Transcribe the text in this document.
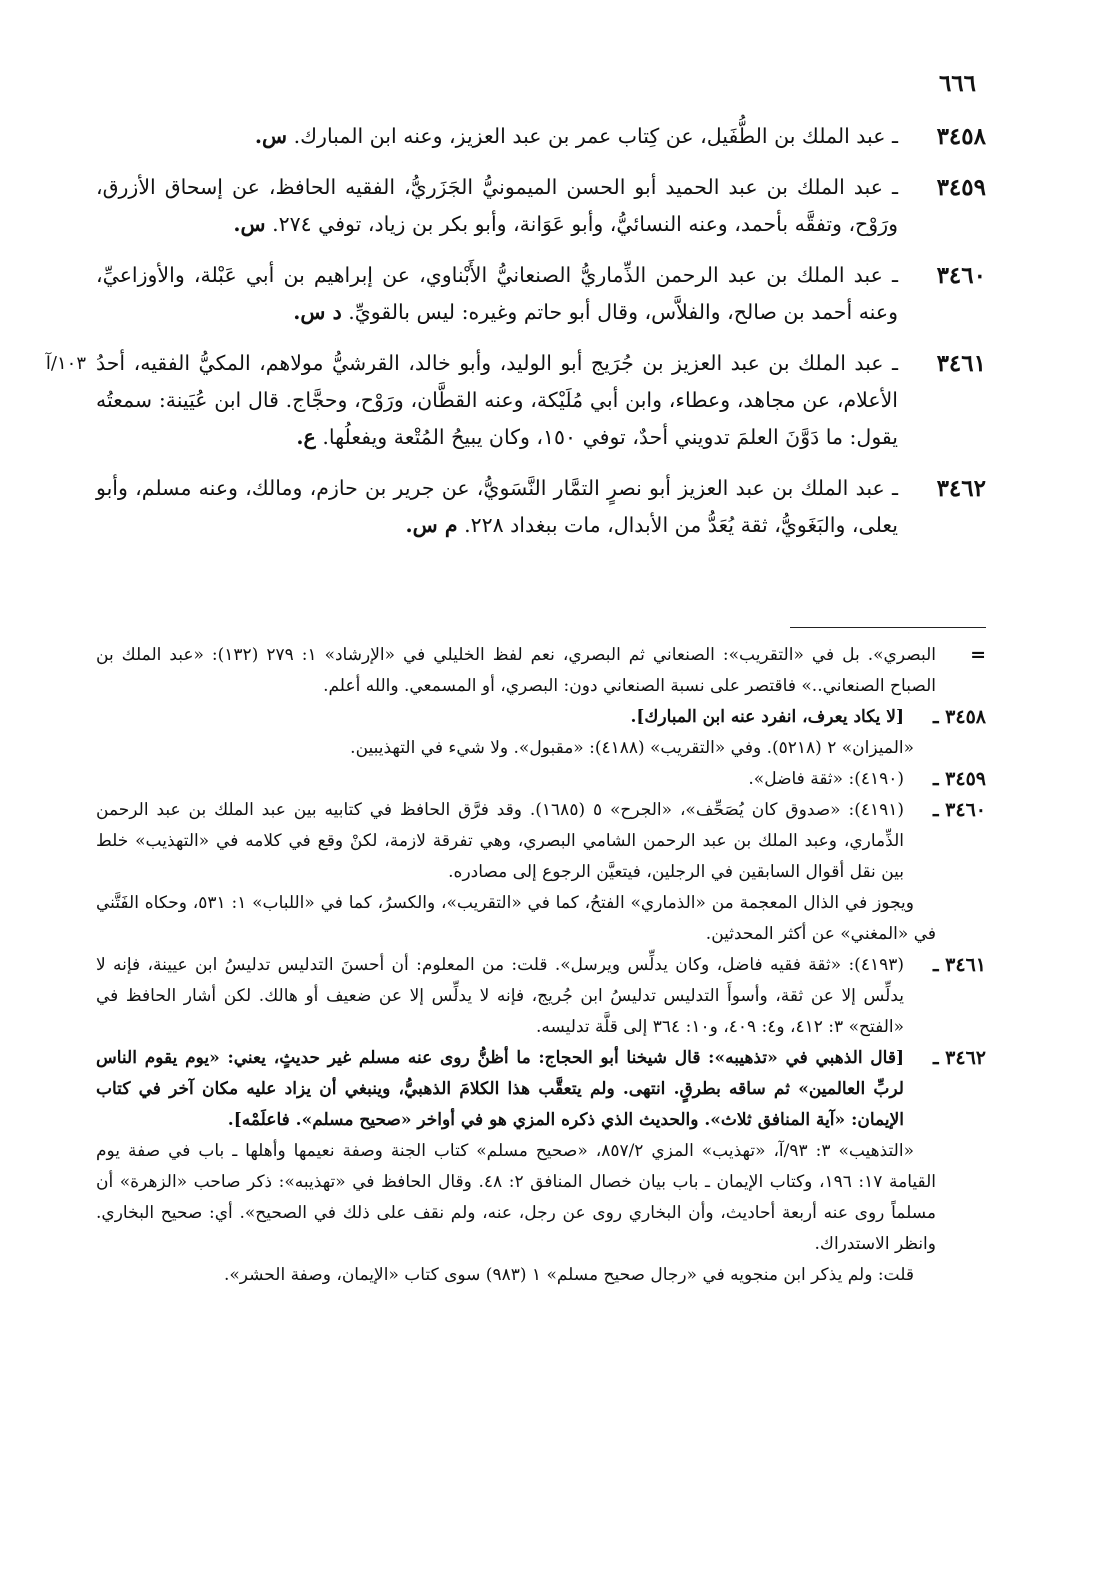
٦٦٦
١٠٣/آ
٣٤٥٨
ـ عبد الملك بن الطُّفَيل، عن كِتاب عمر بن عبد العزيز، وعنه ابن المبارك. س.
٣٤٥٩
ـ عبد الملك بن عبد الحميد أبو الحسن الميمونيُّ الجَزَريُّ، الفقيه الحافظ، عن إسحاق الأزرق، ورَوْح، وتفقَّه بأحمد، وعنه النسائيُّ، وأبو عَوَانة، وأبو بكر بن زياد، توفي ٢٧٤. س.
٣٤٦٠
ـ عبد الملك بن عبد الرحمن الذِّماريُّ الصنعانيُّ الأَبْناوي، عن إبراهيم بن أبي عَبْلة، والأوزاعيِّ، وعنه أحمد بن صالح، والفلاَّس، وقال أبو حاتم وغيره: ليس بالقويِّ. د س.
٣٤٦١
ـ عبد الملك بن عبد العزيز بن جُرَيج أبو الوليد، وأبو خالد، القرشيُّ مولاهم، المكيُّ الفقيه، أحدُ الأعلام، عن مجاهد، وعطاء، وابن أبي مُلَيْكة، وعنه القطَّان، ورَوْح، وحجَّاج. قال ابن عُيَينة: سمعتُه يقول: ما دَوَّنَ العلمَ تدويني أحدٌ، توفي ١٥٠، وكان يبيحُ المُتْعة ويفعلُها. ع.
٣٤٦٢
ـ عبد الملك بن عبد العزيز أبو نصرٍ التمَّار النَّسَويُّ، عن جرير بن حازم، ومالك، وعنه مسلم، وأبو يعلى، والبَغَويُّ، ثقة يُعَدُّ من الأبدال، مات ببغداد ٢٢٨. م س.
=
البصري». بل في «التقريب»: الصنعاني ثم البصري، نعم لفظ الخليلي في «الإرشاد» ١: ٢٧٩ (١٣٢): «عبد الملك بن الصباح الصنعاني..» فاقتصر على نسبة الصنعاني دون: البصري، أو المسمعي. والله أعلم.
٣٤٥٨ ـ
[لا يكاد يعرف، انفرد عنه ابن المبارك].
«الميزان» ٢ (٥٢١٨). وفي «التقريب» (٤١٨٨): «مقبول». ولا شيء في التهذيبين.
٣٤٥٩ ـ
(٤١٩٠): «ثقة فاضل».
٣٤٦٠ ـ
(٤١٩١): «صدوق كان يُصَحِّف»، «الجرح» ٥ (١٦٨٥). وقد فرَّق الحافظ في كتابيه بين عبد الملك بن عبد الرحمن الذِّماري، وعبد الملك بن عبد الرحمن الشامي البصري، وهي تفرقة لازمة، لكنْ وقع في كلامه في «التهذيب» خلط بين نقل أقوال السابقين في الرجلين، فيتعيَّن الرجوع إلى مصادره.
ويجوز في الذال المعجمة من «الذماري» الفتحُ، كما في «التقريب»، والكسرُ، كما في «اللباب» ١: ٥٣١، وحكاه الفَتَّني في «المغني» عن أكثر المحدثين.
٣٤٦١ ـ
(٤١٩٣): «ثقة فقيه فاضل، وكان يدلِّس ويرسل». قلت: من المعلوم: أن أحسنَ التدليس تدليسُ ابن عيينة، فإنه لا يدلِّس إلا عن ثقة، وأسوأَ التدليس تدليسُ ابن جُريج، فإنه لا يدلِّس إلا عن ضعيف أو هالك. لكن أشار الحافظ في «الفتح» ٣: ٤١٢، و٤: ٤٠٩، و١٠: ٣٦٤ إلى قلَّة تدليسه.
٣٤٦٢ ـ
[قال الذهبي في «تذهيبه»: قال شيخنا أبو الحجاج: ما أظنُّ روى عنه مسلم غير حديثٍ، يعني: «يوم يقوم الناس لربِّ العالمين» ثم ساقه بطرقٍ. انتهى. ولم يتعقَّب هذا الكلامَ الذهبيُّ، وينبغي أن يزاد عليه مكان آخر في كتاب الإيمان: «آية المنافق ثلاث». والحديث الذي ذكره المزي هو في أواخر «صحيح مسلم». فاعلَمْه].
«التذهيب» ٣: ٩٣/آ، «تهذيب» المزي ٨٥٧/٢، «صحيح مسلم» كتاب الجنة وصفة نعيمها وأهلها ـ باب في صفة يوم القيامة ١٧: ١٩٦، وكتاب الإيمان ـ باب بيان خصال المنافق ٢: ٤٨. وقال الحافظ في «تهذيبه»: ذكر صاحب «الزهرة» أن مسلماً روى عنه أربعة أحاديث، وأن البخاري روى عن رجل، عنه، ولم نقف على ذلك في الصحيح». أي: صحيح البخاري. وانظر الاستدراك.
قلت: ولم يذكر ابن منجويه في «رجال صحيح مسلم» ١ (٩٨٣) سوى كتاب «الإيمان، وصفة الحشر».
